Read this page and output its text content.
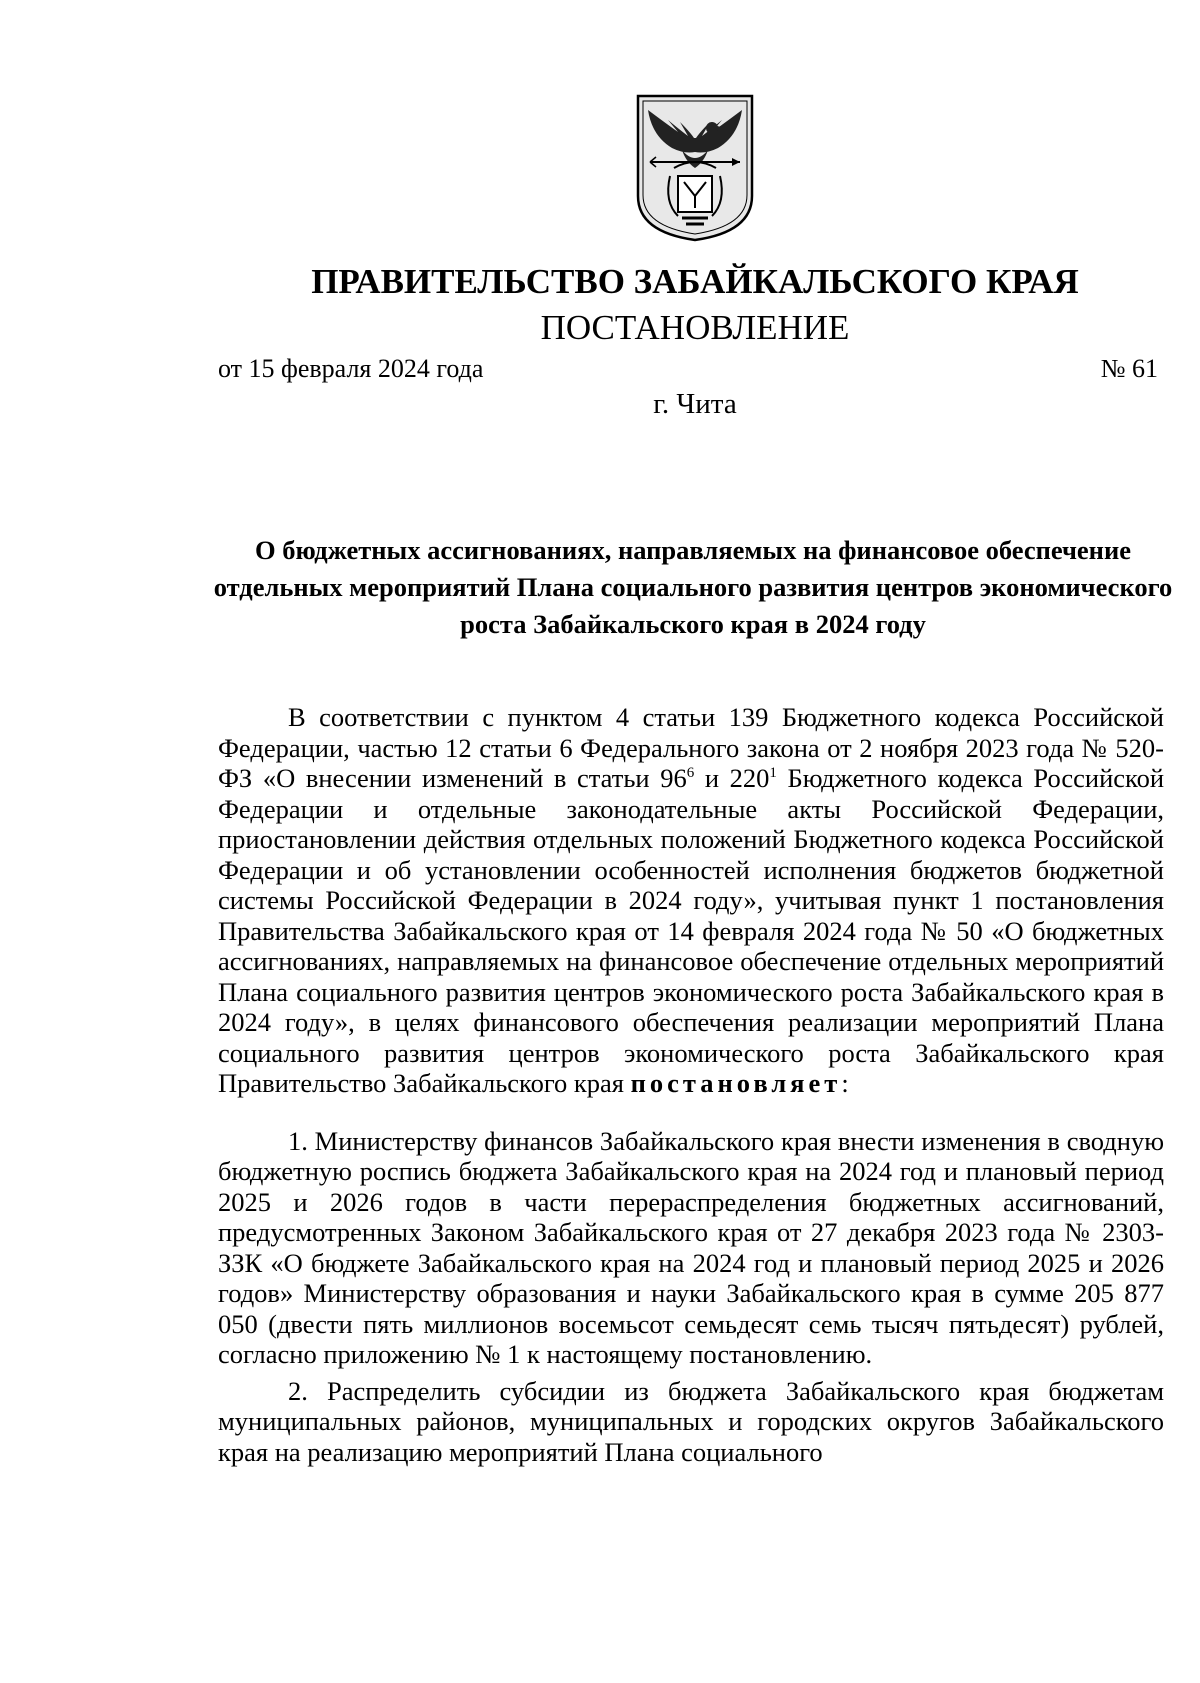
ПРАВИТЕЛЬСТВО ЗАБАЙКАЛЬСКОГО КРАЯ
ПОСТАНОВЛЕНИЕ
от 15 февраля 2024 года	№ 61
г. Чита
О бюджетных ассигнованиях, направляемых на финансовое обеспечение отдельных мероприятий Плана социального развития центров экономического роста Забайкальского края в 2024 году

В соответствии с пунктом 4 статьи 139 Бюджетного кодекса Российской Федерации, частью 12 статьи 6 Федерального закона от 2 ноября 2023 года № 520-ФЗ «О внесении изменений в статьи $96^6$ и $220^1$ Бюджетного кодекса Российской Федерации и отдельные законодательные акты Российской Федерации, приостановлении действия отдельных положений Бюджетного кодекса Российской Федерации и об установлении особенностей исполнения бюджетов бюджетной системы Российской Федерации в 2024 году», учитывая пункт 1 постановления Правительства Забайкальского края от 14 февраля 2024 года № 50 «О бюджетных ассигнованиях, направляемых на финансовое обеспечение отдельных мероприятий Плана социального развития центров экономического роста Забайкальского края в 2024 году», в целях финансового обеспечения реализации мероприятий Плана социального развития центров экономического роста Забайкальского края Правительство Забайкальского края постановляет:

1. Министерству финансов Забайкальского края внести изменения в сводную бюджетную роспись бюджета Забайкальского края на 2024 год и плановый период 2025 и 2026 годов в части перераспределения бюджетных ассигнований, предусмотренных Законом Забайкальского края от 27 декабря 2023 года № 2303-ЗЗК «О бюджете Забайкальского края на 2024 год и плановый период 2025 и 2026 годов» Министерству образования и науки Забайкальского края в сумме 205 877 050 (двести пять миллионов восемьсот семьдесят семь тысяч пятьдесят) рублей, согласно приложению № 1 к настоящему постановлению.

2. Распределить субсидии из бюджета Забайкальского края бюджетам муниципальных районов, муниципальных и городских округов Забайкальского края на реализацию мероприятий Плана социального
